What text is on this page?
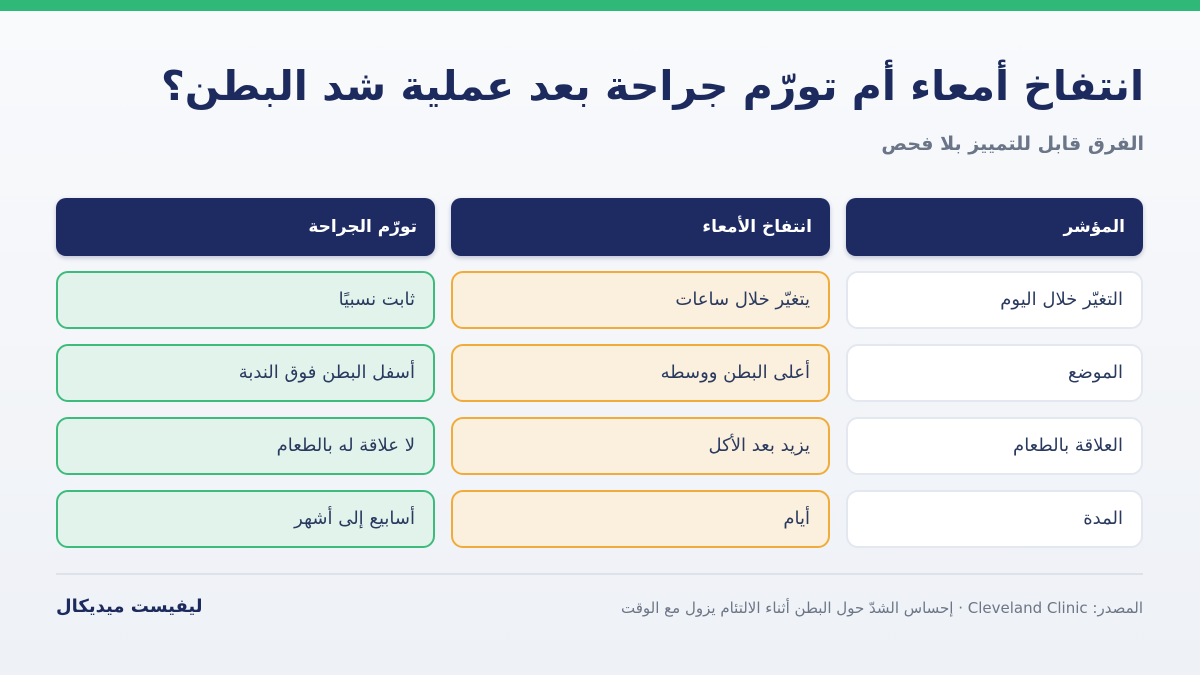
انتفاخ أمعاء أم تورّم جراحة بعد عملية شد البطن؟
الفرق قابل للتمييز بلا فحص
المؤشر
انتفاخ الأمعاء
تورّم الجراحة
التغيّر خلال اليوم
يتغيّر خلال ساعات
ثابت نسبيًا
الموضع
أعلى البطن ووسطه
أسفل البطن فوق الندبة
العلاقة بالطعام
يزيد بعد الأكل
لا علاقة له بالطعام
المدة
أيام
أسابيع إلى أشهر
المصدر: Cleveland Clinic · إحساس الشدّ حول البطن أثناء الالتئام يزول مع الوقت
ليفيست ميديكال
